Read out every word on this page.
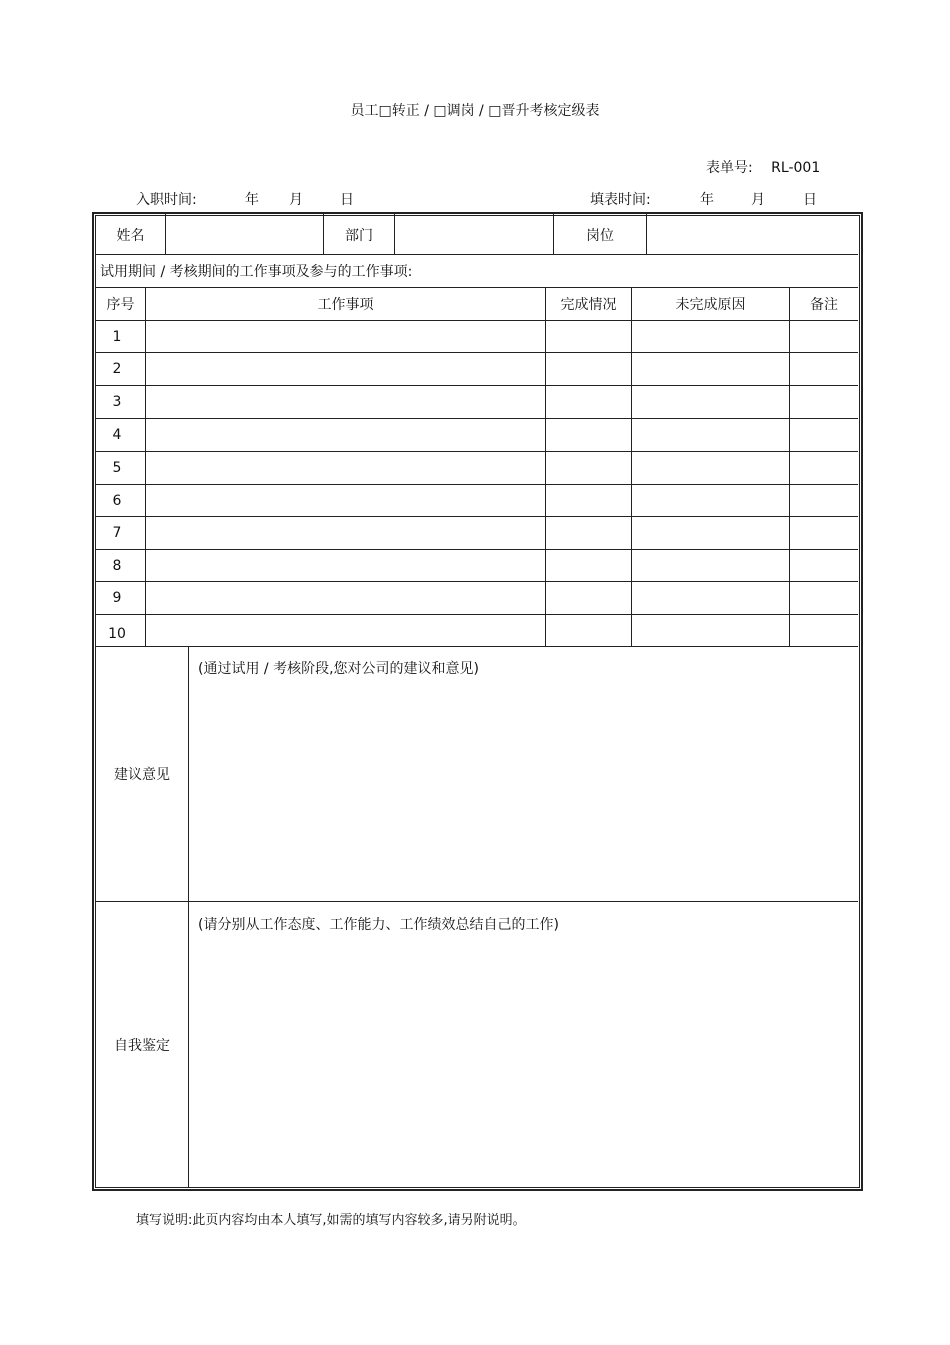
员工□转正 / □调岗 / □晋升考核定级表
表单号: RL-001
入职时间:	年 月	日	填表时间:	年	月	日
姓名	部门	岗位
试用期间 / 考核期间的工作事项及参与的工作事项:
序号	工作事项	完成情况	未完成原因	备注
1
2
3
4
5
6
7
8
9
10
建议意见
(通过试用 / 考核阶段,您对公司的建议和意见)
自我鉴定
(请分别从工作态度、工作能力、工作绩效总结自己的工作)
填写说明:此页内容均由本人填写,如需的填写内容较多,请另附说明。
